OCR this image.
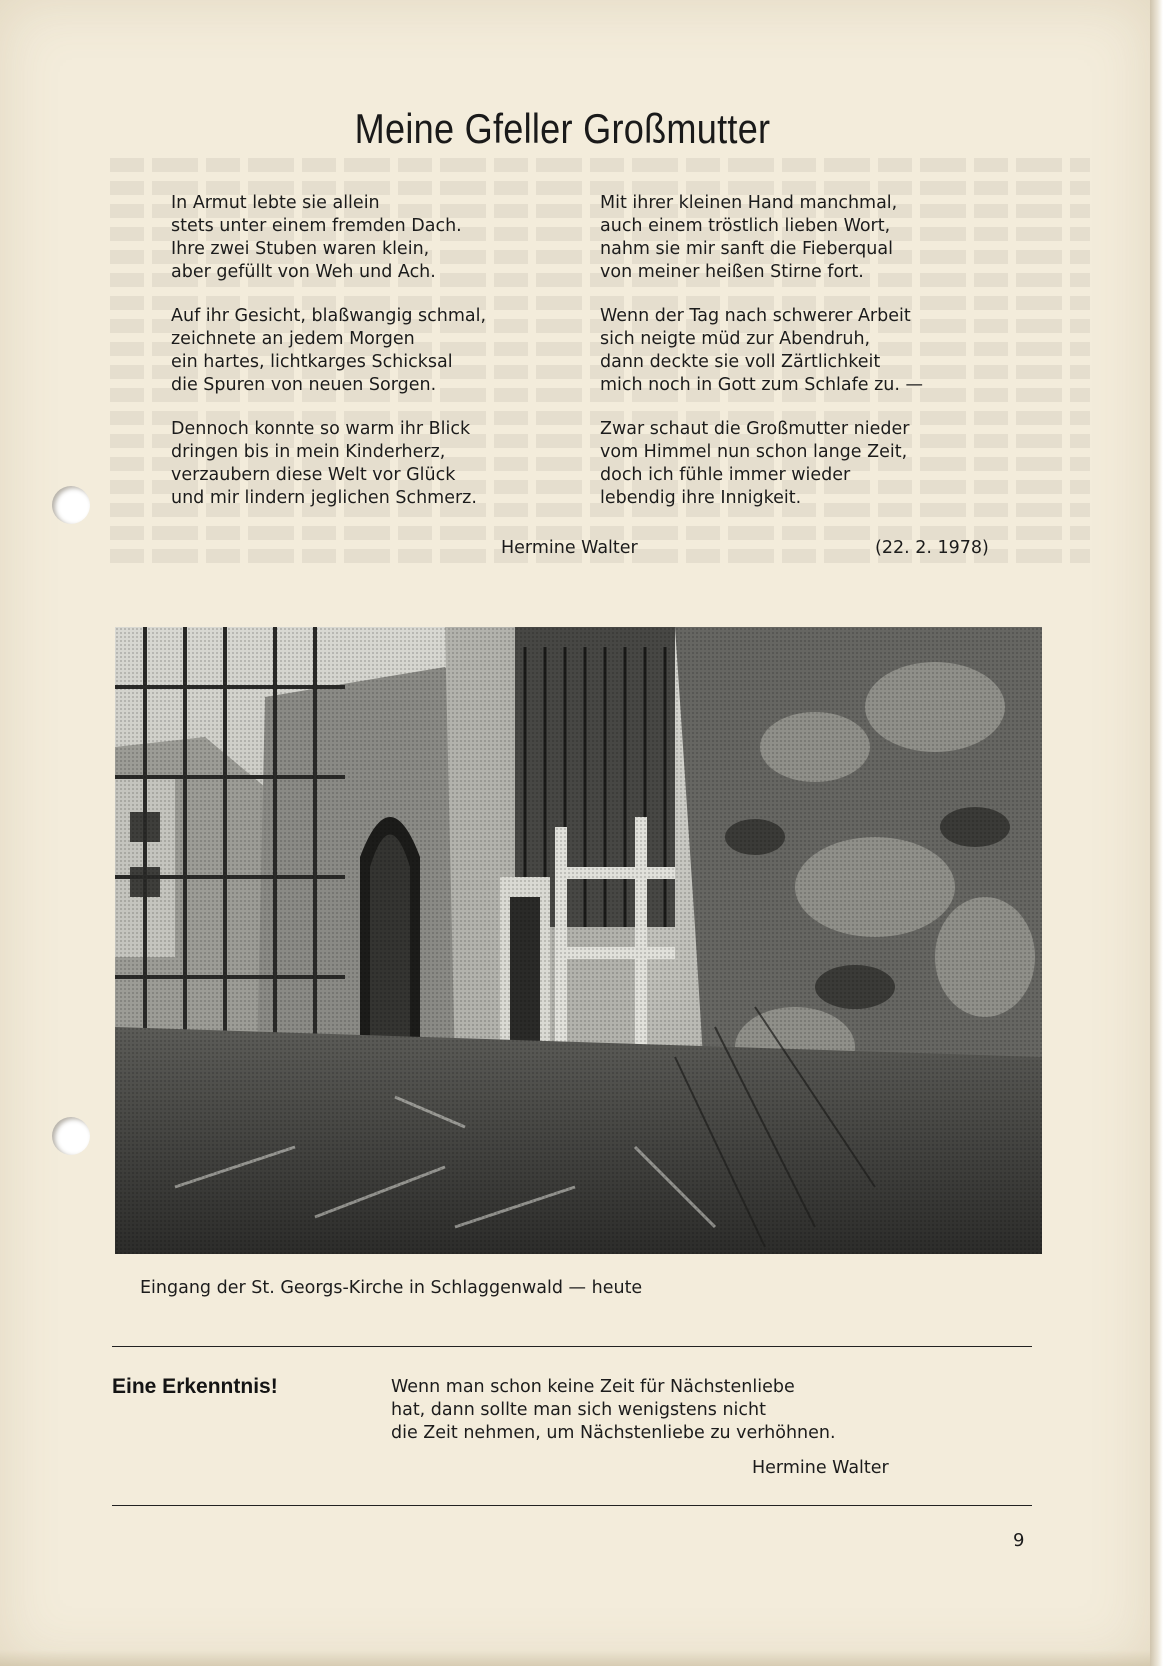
Meine Gfeller Großmutter
In Armut lebte sie allein
stets unter einem fremden Dach.
Ihre zwei Stuben waren klein,
aber gefüllt von Weh und Ach.
Auf ihr Gesicht, blaßwangig schmal,
zeichnete an jedem Morgen
ein hartes, lichtkarges Schicksal
die Spuren von neuen Sorgen.
Dennoch konnte so warm ihr Blick
dringen bis in mein Kinderherz,
verzaubern diese Welt vor Glück
und mir lindern jeglichen Schmerz.
Mit ihrer kleinen Hand manchmal,
auch einem tröstlich lieben Wort,
nahm sie mir sanft die Fieberqual
von meiner heißen Stirne fort.
Wenn der Tag nach schwerer Arbeit
sich neigte müd zur Abendruh,
dann deckte sie voll Zärtlichkeit
mich noch in Gott zum Schlafe zu. —
Zwar schaut die Großmutter nieder
vom Himmel nun schon lange Zeit,
doch ich fühle immer wieder
lebendig ihre Innigkeit.
Hermine Walter	(22. 2. 1978)
Eingang der St. Georgs-Kirche in Schlaggenwald — heute
Eine Erkenntnis!	Wenn man schon keine Zeit für Nächstenliebe
hat, dann sollte man sich wenigstens nicht
die Zeit nehmen, um Nächstenliebe zu verhöhnen.
Hermine Walter
9
